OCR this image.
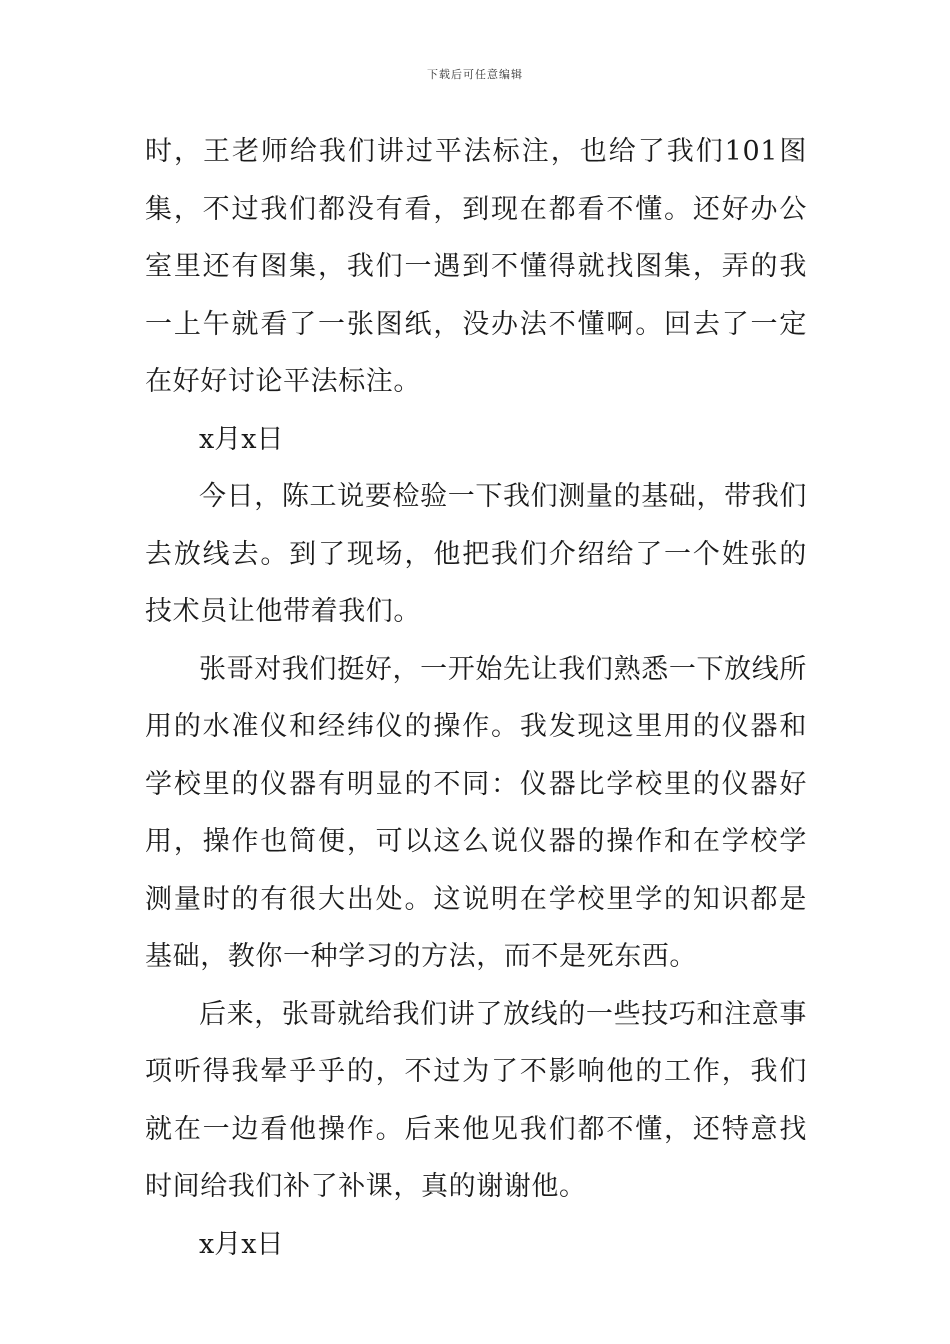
下载后可任意编辑

时，王老师给我们讲过平法标注，也给了我们101图集，不过我们都没有看，到现在都看不懂。还好办公室里还有图集，我们一遇到不懂得就找图集，弄的我一上午就看了一张图纸，没办法不懂啊。回去了一定在好好讨论平法标注。

x月x日

今日，陈工说要检验一下我们测量的基础，带我们去放线去。到了现场，他把我们介绍给了一个姓张的技术员让他带着我们。

张哥对我们挺好，一开始先让我们熟悉一下放线所用的水准仪和经纬仪的操作。我发现这里用的仪器和学校里的仪器有明显的不同：仪器比学校里的仪器好用，操作也简便，可以这么说仪器的操作和在学校学测量时的有很大出处。这说明在学校里学的知识都是基础，教你一种学习的方法，而不是死东西。

后来，张哥就给我们讲了放线的一些技巧和注意事项听得我晕乎乎的，不过为了不影响他的工作，我们就在一边看他操作。后来他见我们都不懂，还特意找时间给我们补了补课，真的谢谢他。

x月x日
